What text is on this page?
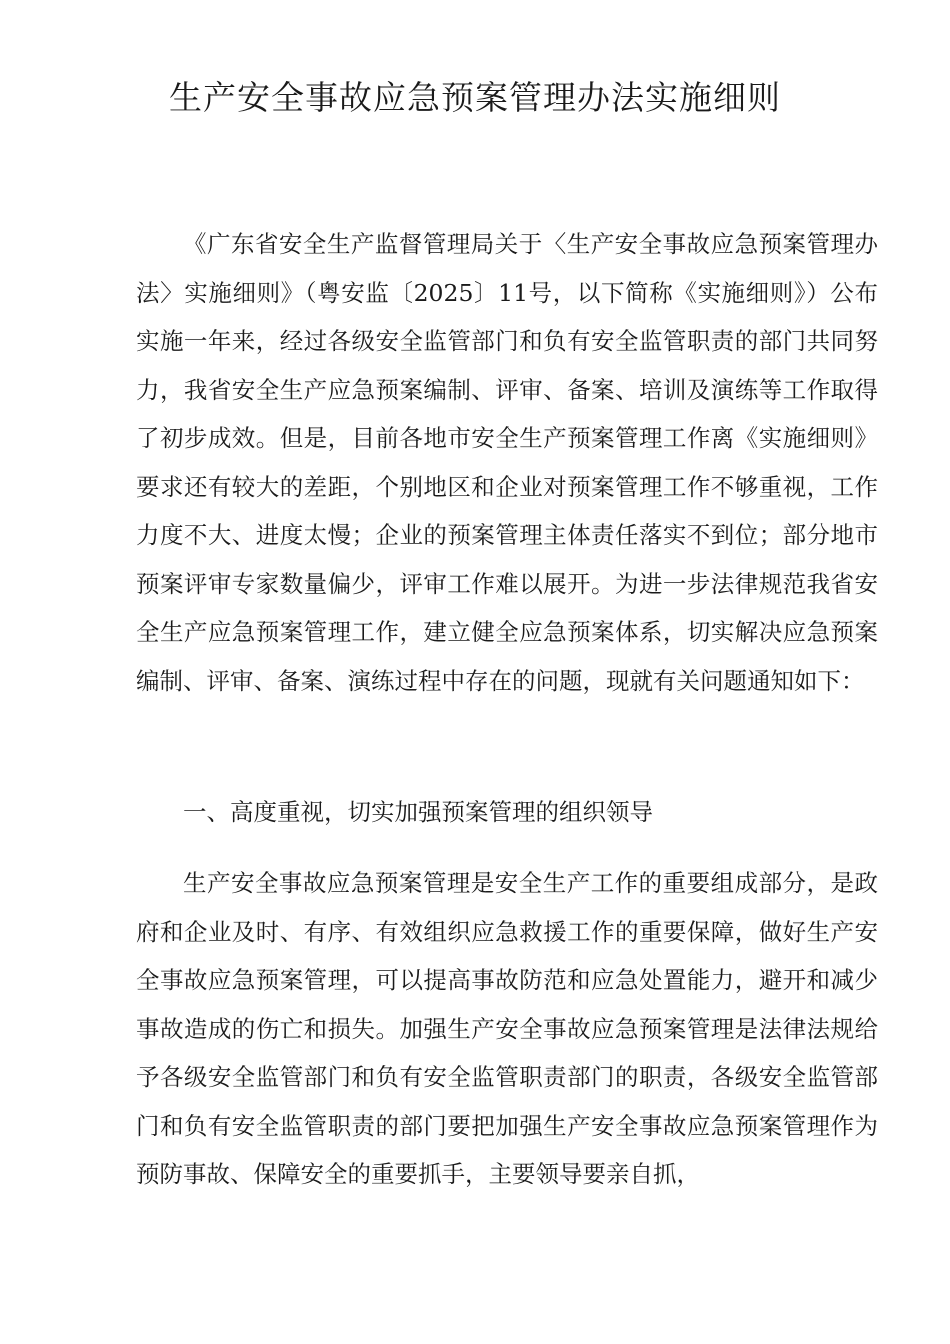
生产安全事故应急预案管理办法实施细则

《广东省安全生产监督管理局关于〈生产安全事故应急预案管理办法〉实施细则》（粤安监〔2025〕11号，以下简称《实施细则》）公布实施一年来，经过各级安全监管部门和负有安全监管职责的部门共同努力，我省安全生产应急预案编制、评审、备案、培训及演练等工作取得了初步成效。但是，目前各地市安全生产预案管理工作离《实施细则》要求还有较大的差距，个别地区和企业对预案管理工作不够重视，工作力度不大、进度太慢；企业的预案管理主体责任落实不到位；部分地市预案评审专家数量偏少，评审工作难以展开。为进一步法律规范我省安全生产应急预案管理工作，建立健全应急预案体系，切实解决应急预案编制、评审、备案、演练过程中存在的问题，现就有关问题通知如下：

一、高度重视，切实加强预案管理的组织领导

生产安全事故应急预案管理是安全生产工作的重要组成部分，是政府和企业及时、有序、有效组织应急救援工作的重要保障，做好生产安全事故应急预案管理，可以提高事故防范和应急处置能力，避开和减少事故造成的伤亡和损失。加强生产安全事故应急预案管理是法律法规给予各级安全监管部门和负有安全监管职责部门的职责，各级安全监管部门和负有安全监管职责的部门要把加强生产安全事故应急预案管理作为预防事故、保障安全的重要抓手，主要领导要亲自抓，
